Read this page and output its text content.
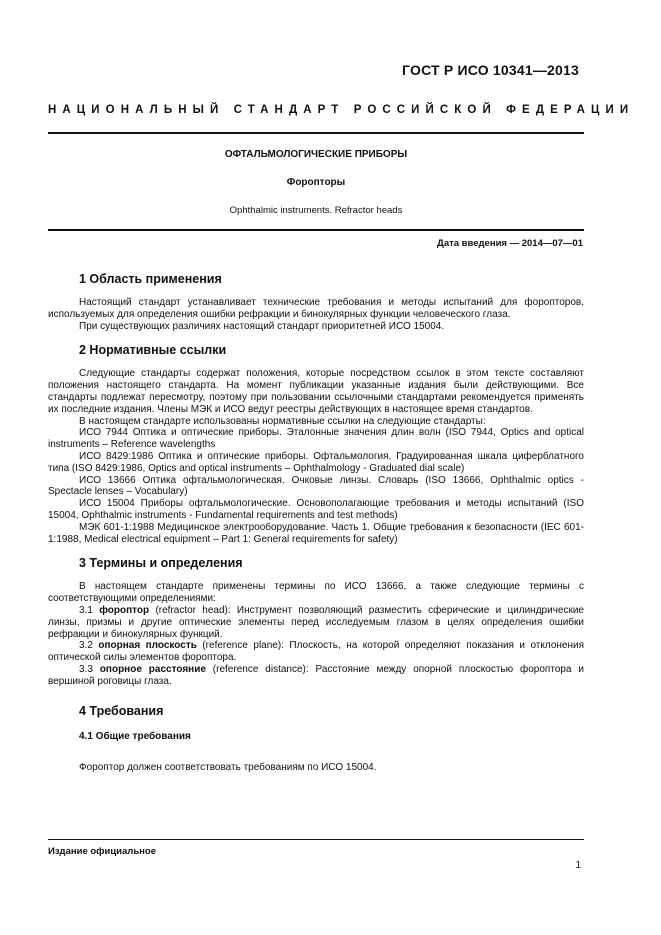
ГОСТ Р ИСО 10341—2013

НАЦИОНАЛЬНЫЙ СТАНДАРТ РОССИЙСКОЙ ФЕДЕРАЦИИ

ОФТАЛЬМОЛОГИЧЕСКИЕ ПРИБОРЫ
Форопторы
Ophthalmic instruments. Refractor heads

Дата введения — 2014—07—01

1 Область применения

Настоящий стандарт устанавливает технические требования и методы испытаний для форопторов, используемых для определения ошибки рефракции и бинокулярных функции человеческого глаза.

При существующих различиях настоящий стандарт приоритетней ИСО 15004.

2 Нормативные ссылки

Следующие стандарты содержат положения, которые посредством ссылок в этом тексте составляют положения настоящего стандарта. На момент публикации указанные издания были действующими. Все стандарты подлежат пересмотру, поэтому при пользовании ссылочными стандартами рекомендуется применять их последние издания. Члены МЭК и ИСО ведут реестры действующих в настоящее время стандартов.

В настоящем стандарте использованы нормативные ссылки на следующие стандарты:

ИСО 7944 Оптика и оптические приборы. Эталонные значения длин волн (ISO 7944, Optics and optical instruments – Reference wavelengths

ИСО 8429:1986 Оптика и оптические приборы. Офтальмология. Градуированная шкала циферблатного типа (ISO 8429:1986, Optics and optical instruments – Ophthalmology - Graduated dial scale)

ИСО 13666 Оптика офтальмологическая. Очковые линзы. Словарь (ISO 13666, Ophthalmic optics - Spectacle lenses – Vocabulary)

ИСО 15004 Приборы офтальмологические. Основополагающие требования и методы испытаний (ISO 15004, Ophthalmic instruments - Fundamental requirements and test methods)

МЭК 601-1:1988 Медицинское электрооборудование. Часть 1. Общие требования к безопасности (IEC 601-1:1988, Medical electrical equipment – Part 1: General requirements for safety)

3 Термины и определения

В настоящем стандарте применены термины по ИСО 13666, а также следующие термины с соответствующими определениями:

3.1 фороптор (refractor head): Инструмент позволяющий разместить сферические и цилиндрические линзы, призмы и другие оптические элементы перед исследуемым глазом в целях определения ошибки рефракции и бинокулярных функций.

3.2 опорная плоскость (reference plane): Плоскость, на которой определяют показания и отклонения оптической силы элементов фороптора.

3.3 опорное расстояние (reference distance): Расстояние между опорной плоскостью фороптора и вершиной роговицы глаза.

4 Требования
4.1 Общие требования

Фороптор должен соответствовать требованиям по ИСО 15004.

Издание официальное

1
